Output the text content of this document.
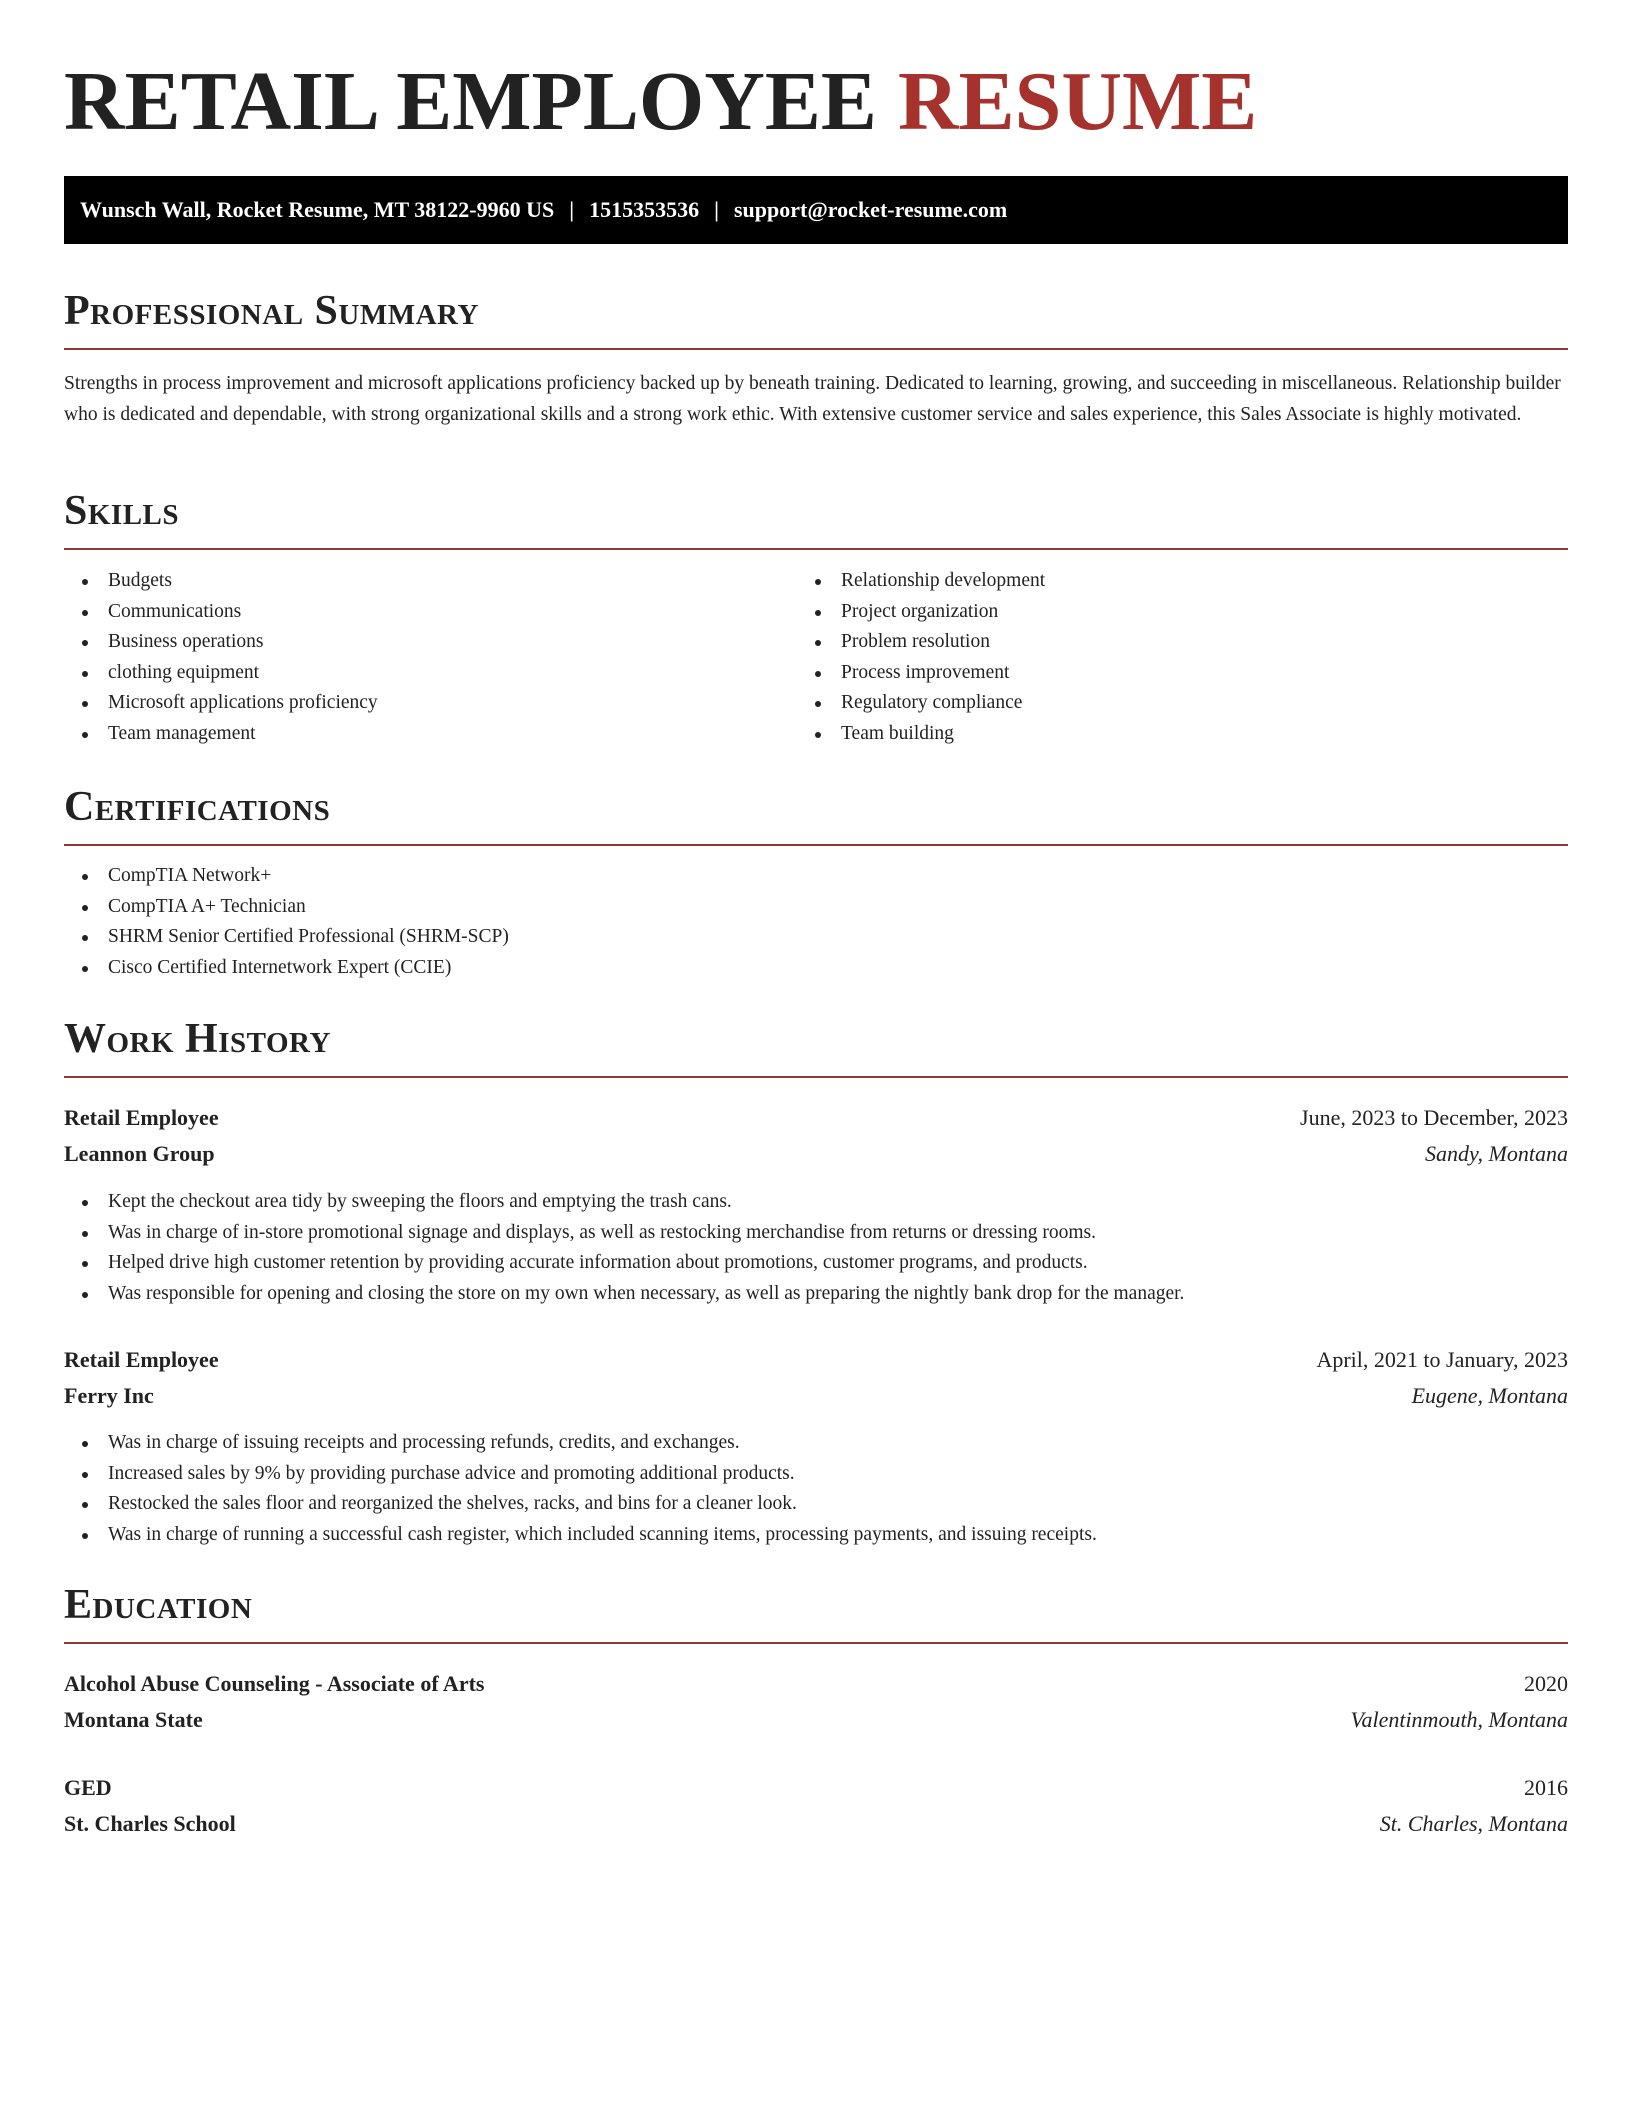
RETAIL EMPLOYEE RESUME
Wunsch Wall, Rocket Resume, MT 38122-9960 US | 1515353536 | support@rocket-resume.com
Professional Summary

Strengths in process improvement and microsoft applications proficiency backed up by beneath training. Dedicated to learning, growing, and succeeding in miscellaneous. Relationship builder who is dedicated and dependable, with strong organizational skills and a strong work ethic. With extensive customer service and sales experience, this Sales Associate is highly motivated.

Skills
Budgets
Communications
Business operations
clothing equipment
Microsoft applications proficiency
Team management
Relationship development
Project organization
Problem resolution
Process improvement
Regulatory compliance
Team building
Certifications
CompTIA Network+
CompTIA A+ Technician
SHRM Senior Certified Professional (SHRM-SCP)
Cisco Certified Internetwork Expert (CCIE)
Work History
Retail Employee	June, 2023 to December, 2023
Leannon Group	Sandy, Montana
Kept the checkout area tidy by sweeping the floors and emptying the trash cans.
Was in charge of in-store promotional signage and displays, as well as restocking merchandise from returns or dressing rooms.
Helped drive high customer retention by providing accurate information about promotions, customer programs, and products.
Was responsible for opening and closing the store on my own when necessary, as well as preparing the nightly bank drop for the manager.
Retail Employee	April, 2021 to January, 2023
Ferry Inc	Eugene, Montana
Was in charge of issuing receipts and processing refunds, credits, and exchanges.
Increased sales by 9% by providing purchase advice and promoting additional products.
Restocked the sales floor and reorganized the shelves, racks, and bins for a cleaner look.
Was in charge of running a successful cash register, which included scanning items, processing payments, and issuing receipts.
Education
Alcohol Abuse Counseling - Associate of Arts	2020
Montana State	Valentinmouth, Montana
GED	2016
St. Charles School	St. Charles, Montana
